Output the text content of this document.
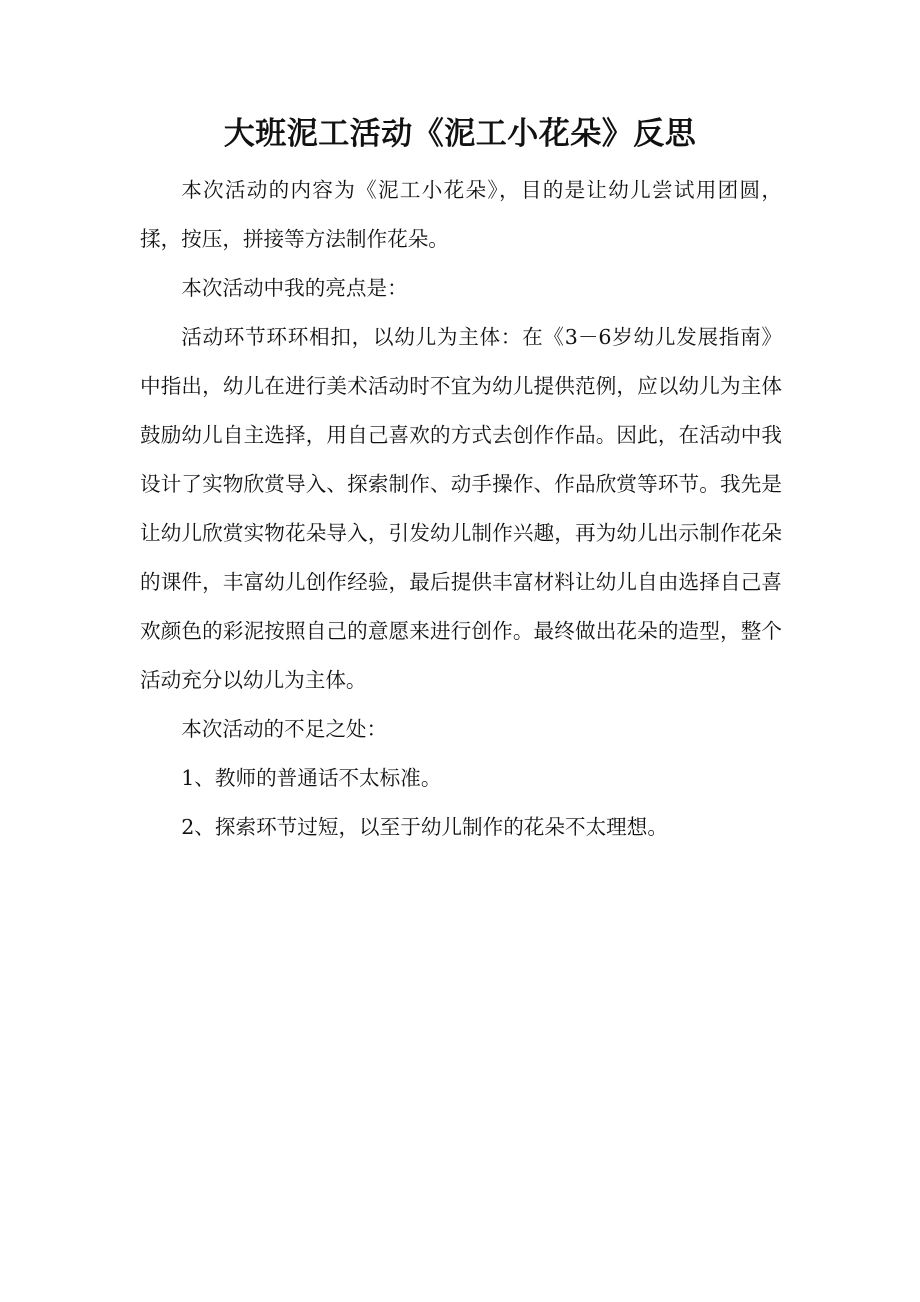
大班泥工活动《泥工小花朵》反思

本次活动的内容为《泥工小花朵》，目的是让幼儿尝试用团圆，揉，按压，拼接等方法制作花朵。

本次活动中我的亮点是：

活动环节环环相扣，以幼儿为主体：在《3－6岁幼儿发展指南》中指出，幼儿在进行美术活动时不宜为幼儿提供范例，应以幼儿为主体鼓励幼儿自主选择，用自己喜欢的方式去创作作品。因此，在活动中我设计了实物欣赏导入、探索制作、动手操作、作品欣赏等环节。我先是让幼儿欣赏实物花朵导入，引发幼儿制作兴趣，再为幼儿出示制作花朵的课件，丰富幼儿创作经验，最后提供丰富材料让幼儿自由选择自己喜欢颜色的彩泥按照自己的意愿来进行创作。最终做出花朵的造型，整个活动充分以幼儿为主体。

本次活动的不足之处：

1、教师的普通话不太标准。

2、探索环节过短，以至于幼儿制作的花朵不太理想。
